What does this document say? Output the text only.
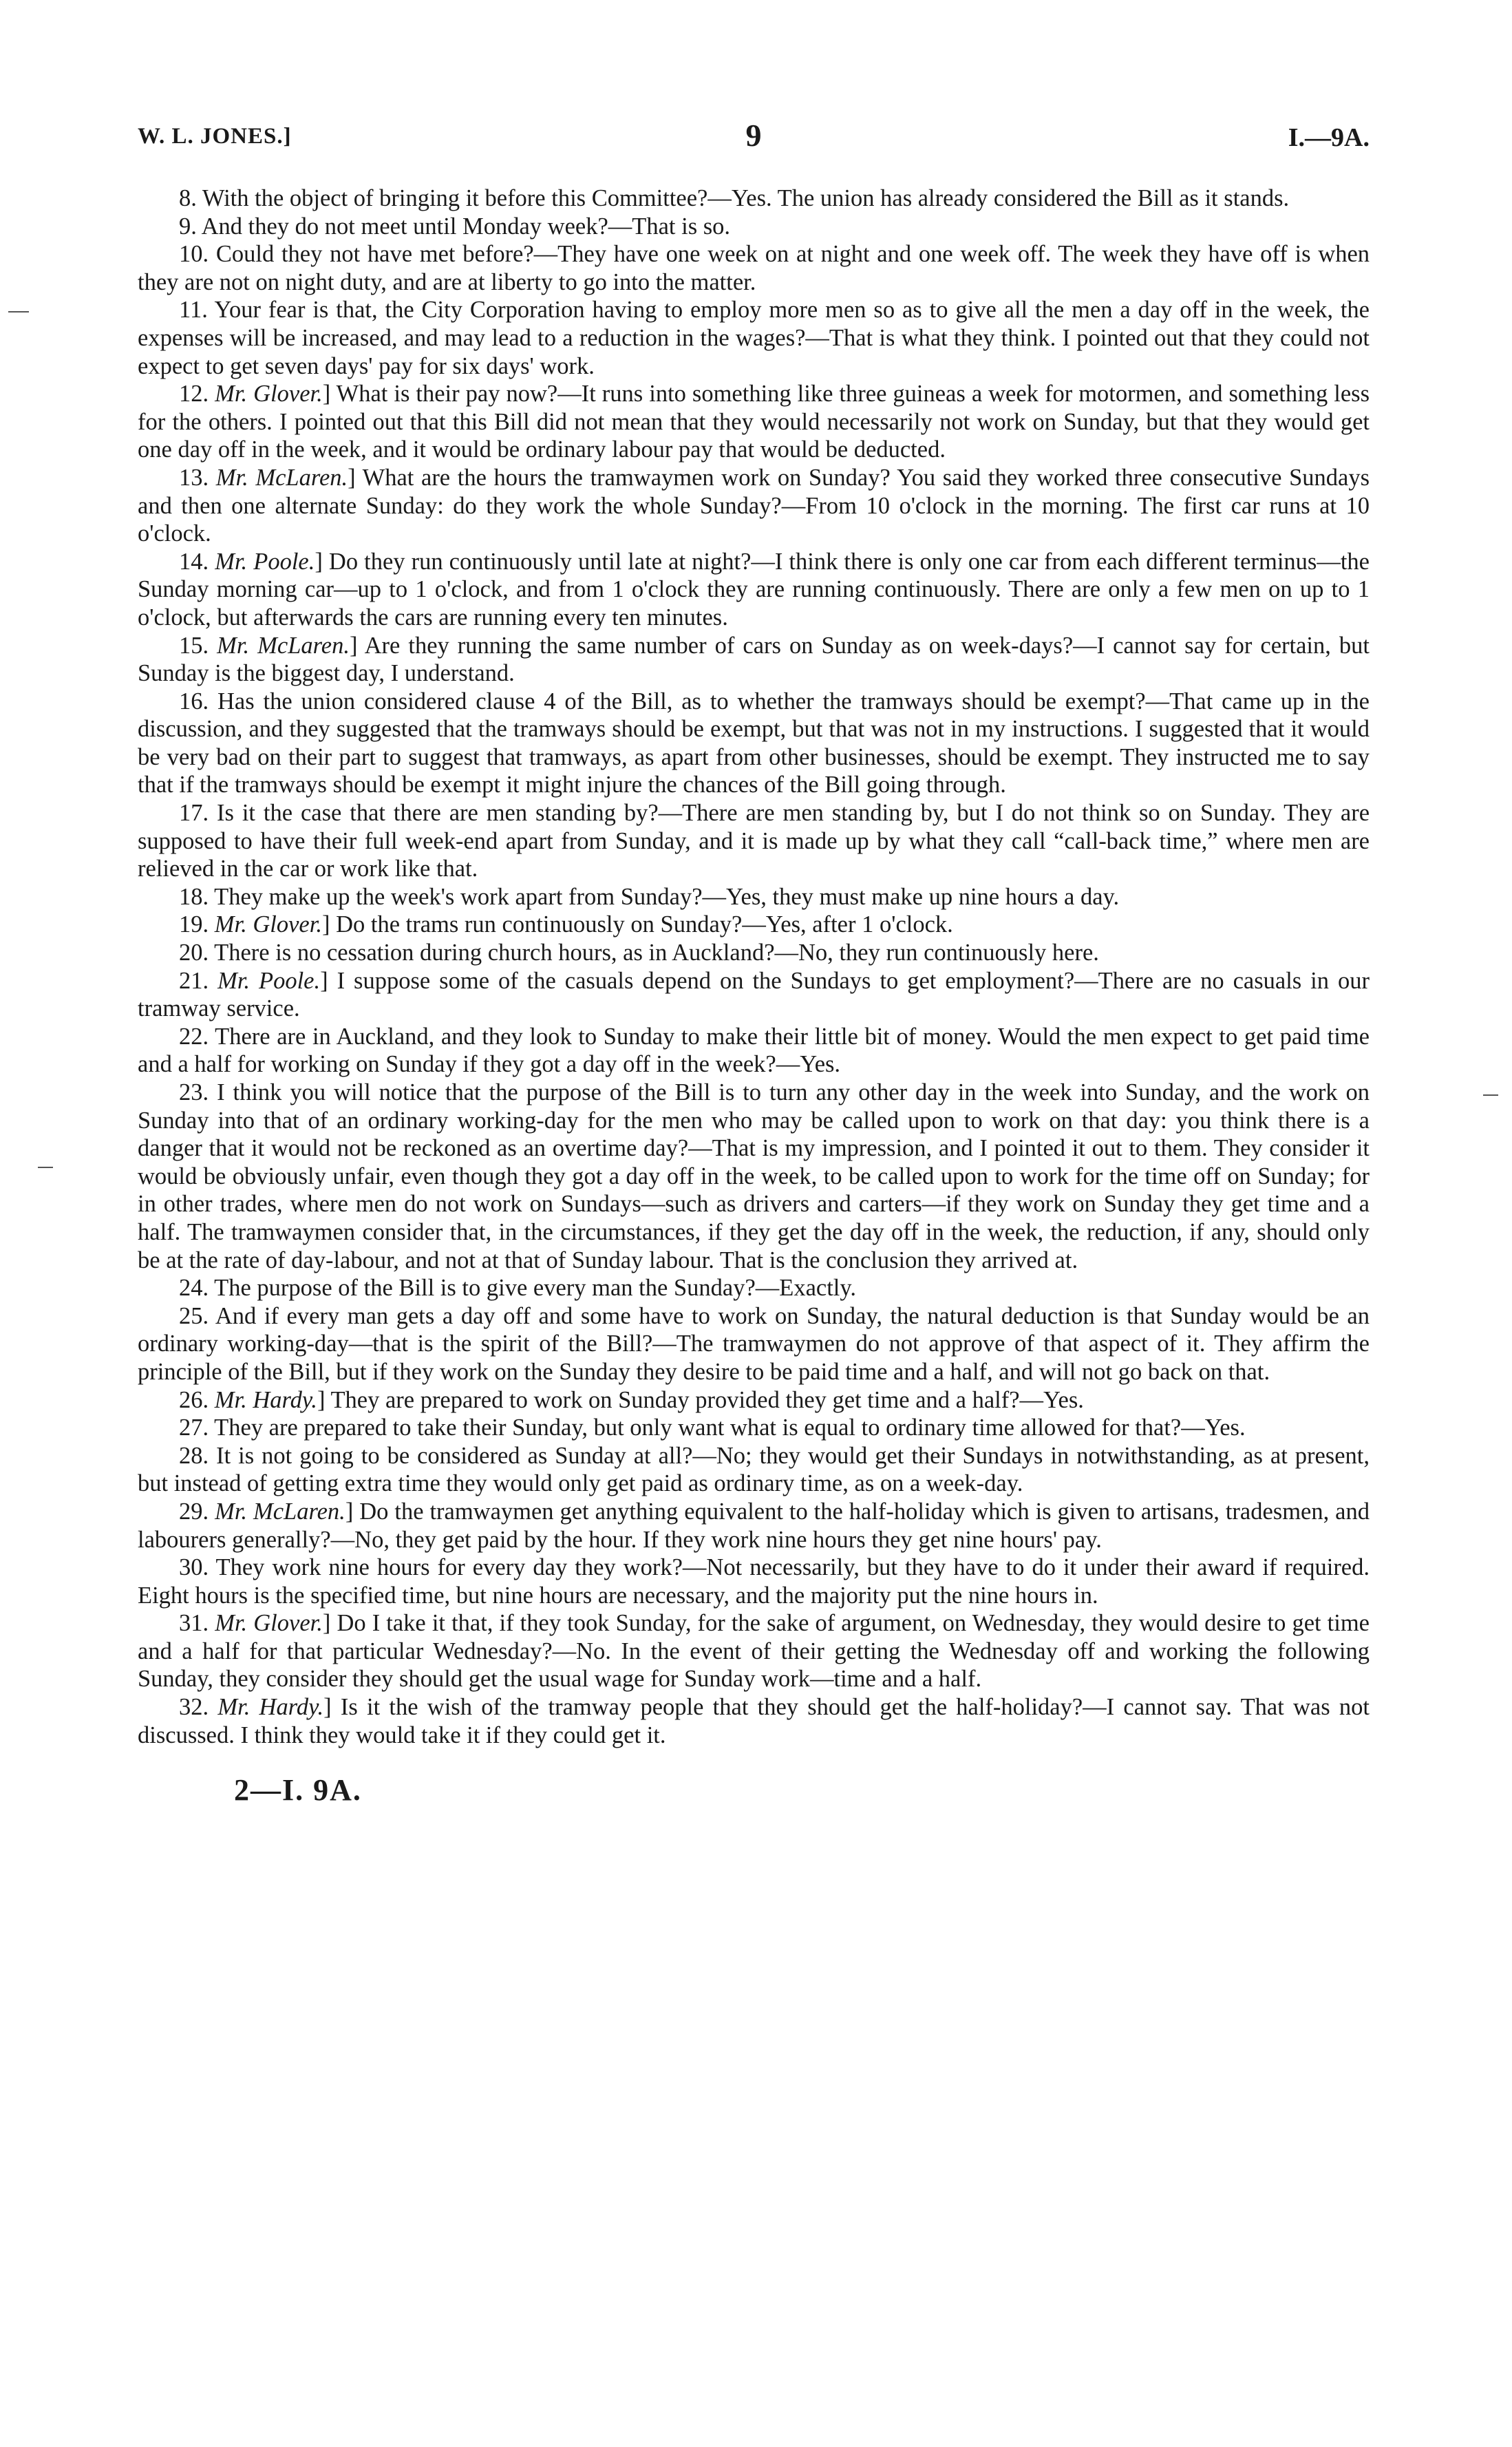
W. L. JONES.]	9	I.—9A.

8. With the object of bringing it before this Committee?—Yes. The union has already considered the Bill as it stands.

9. And they do not meet until Monday week?—That is so.

10. Could they not have met before?—They have one week on at night and one week off. The week they have off is when they are not on night duty, and are at liberty to go into the matter.

11. Your fear is that, the City Corporation having to employ more men so as to give all the men a day off in the week, the expenses will be increased, and may lead to a reduction in the wages?—That is what they think. I pointed out that they could not expect to get seven days' pay for six days' work.

12. Mr. Glover.] What is their pay now?—It runs into something like three guineas a week for motormen, and something less for the others. I pointed out that this Bill did not mean that they would necessarily not work on Sunday, but that they would get one day off in the week, and it would be ordinary labour pay that would be deducted.

13. Mr. McLaren.] What are the hours the tramwaymen work on Sunday? You said they worked three consecutive Sundays and then one alternate Sunday: do they work the whole Sunday?—From 10 o'clock in the morning. The first car runs at 10 o'clock.

14. Mr. Poole.] Do they run continuously until late at night?—I think there is only one car from each different terminus—the Sunday morning car—up to 1 o'clock, and from 1 o'clock they are running continuously. There are only a few men on up to 1 o'clock, but afterwards the cars are running every ten minutes.

15. Mr. McLaren.] Are they running the same number of cars on Sunday as on week-days?—I cannot say for certain, but Sunday is the biggest day, I understand.

16. Has the union considered clause 4 of the Bill, as to whether the tramways should be exempt?—That came up in the discussion, and they suggested that the tramways should be exempt, but that was not in my instructions. I suggested that it would be very bad on their part to suggest that tramways, as apart from other businesses, should be exempt. They instructed me to say that if the tramways should be exempt it might injure the chances of the Bill going through.

17. Is it the case that there are men standing by?—There are men standing by, but I do not think so on Sunday. They are supposed to have their full week-end apart from Sunday, and it is made up by what they call “call-back time,” where men are relieved in the car or work like that.

18. They make up the week's work apart from Sunday?—Yes, they must make up nine hours a day.

19. Mr. Glover.] Do the trams run continuously on Sunday?—Yes, after 1 o'clock.

20. There is no cessation during church hours, as in Auckland?—No, they run continuously here.

21. Mr. Poole.] I suppose some of the casuals depend on the Sundays to get employment?—There are no casuals in our tramway service.

22. There are in Auckland, and they look to Sunday to make their little bit of money. Would the men expect to get paid time and a half for working on Sunday if they got a day off in the week?—Yes.

23. I think you will notice that the purpose of the Bill is to turn any other day in the week into Sunday, and the work on Sunday into that of an ordinary working-day for the men who may be called upon to work on that day: you think there is a danger that it would not be reckoned as an overtime day?—That is my impression, and I pointed it out to them. They consider it would be obviously unfair, even though they got a day off in the week, to be called upon to work for the time off on Sunday; for in other trades, where men do not work on Sundays—such as drivers and carters—if they work on Sunday they get time and a half. The tramwaymen consider that, in the circumstances, if they get the day off in the week, the reduction, if any, should only be at the rate of day-labour, and not at that of Sunday labour. That is the conclusion they arrived at.

24. The purpose of the Bill is to give every man the Sunday?—Exactly.

25. And if every man gets a day off and some have to work on Sunday, the natural deduction is that Sunday would be an ordinary working-day—that is the spirit of the Bill?—The tramwaymen do not approve of that aspect of it. They affirm the principle of the Bill, but if they work on the Sunday they desire to be paid time and a half, and will not go back on that.

26. Mr. Hardy.] They are prepared to work on Sunday provided they get time and a half?—Yes.

27. They are prepared to take their Sunday, but only want what is equal to ordinary time allowed for that?—Yes.

28. It is not going to be considered as Sunday at all?—No; they would get their Sundays in notwithstanding, as at present, but instead of getting extra time they would only get paid as ordinary time, as on a week-day.

29. Mr. McLaren.] Do the tramwaymen get anything equivalent to the half-holiday which is given to artisans, tradesmen, and labourers generally?—No, they get paid by the hour. If they work nine hours they get nine hours' pay.

30. They work nine hours for every day they work?—Not necessarily, but they have to do it under their award if required. Eight hours is the specified time, but nine hours are necessary, and the majority put the nine hours in.

31. Mr. Glover.] Do I take it that, if they took Sunday, for the sake of argument, on Wednesday, they would desire to get time and a half for that particular Wednesday?—No. In the event of their getting the Wednesday off and working the following Sunday, they consider they should get the usual wage for Sunday work—time and a half.

32. Mr. Hardy.] Is it the wish of the tramway people that they should get the half-holiday?—I cannot say. That was not discussed. I think they would take it if they could get it.

2—I. 9A.
